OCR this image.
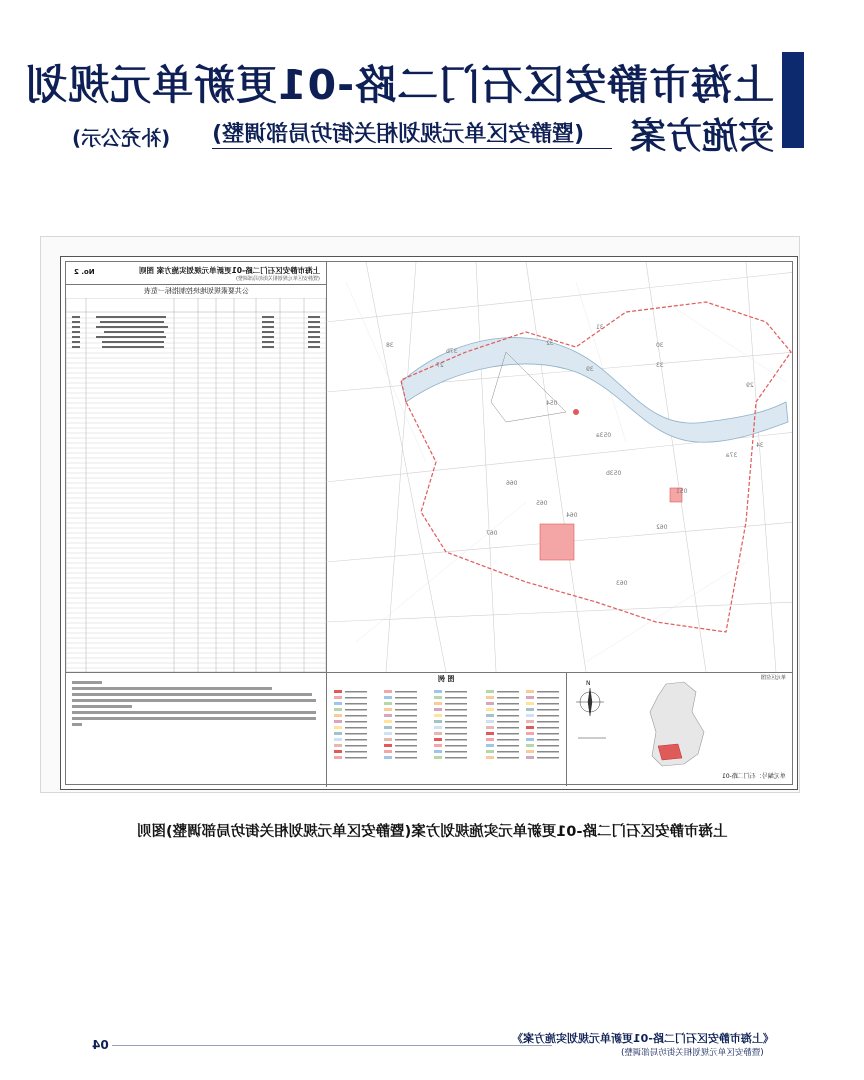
上海市静安区石门二路-01更新单元规划
实施方案
(暨静安区单元规划相关街坊局部调整)
(补充公示)
上海市静安区石门二路-01更新单元规划实施方案 图则
(暨静安区单元规划相关街坊局部调整)
No. 2
公共要素规划地块控制指标一览表
053a
053b
066
065
064
067
063
062
051
054
27
29
30
31
32
33
34
37a
37b
38
39
图 例	单元区位图
N
单元编号：石门二路-01
上海市静安区石门二路-01更新单元实施规划方案(暨静安区单元规划相关街坊局部调整)图则
《上海市静安区石门二路-01更新单元规划实施方案》
(暨静安区单元规划相关街坊局部调整)
04
